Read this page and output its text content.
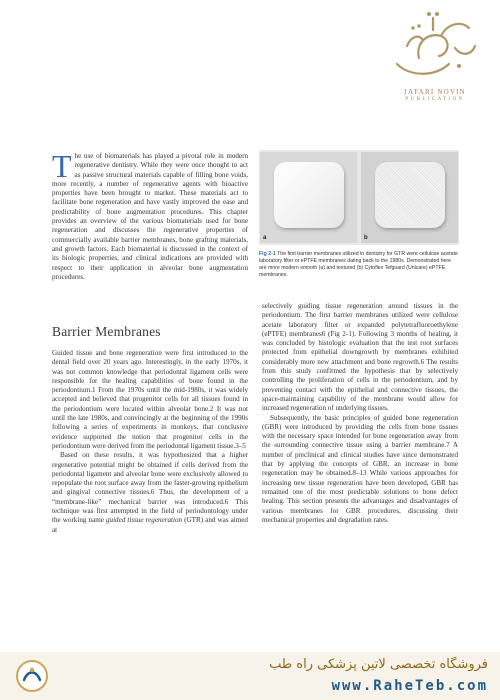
JAFARI NOVIN
PUBLICATION
T he use of biomaterials has played a pivotal role in modern regenerative dentistry. While they were once thought to act as passive structural materials capable of filling bone voids, more recently, a number of regenerative agents with bioactive properties have been brought to market. These materials act to facilitate bone regeneration and have vastly improved the ease and predictability of bone augmentation procedures. This chapter provides an overview of the various biomaterials used for bone regeneration and discusses the regenerative properties of commercially available barrier membranes, bone grafting materials, and growth factors. Each biomaterial is discussed in the context of its biologic properties, and clinical indications are provided with respect to their application in alveolar bone augmentation procedures.
a	b
Fig 2-1 The first barrier membranes utilized in dentistry for GTR were cellulose acetate laboratory filter or ePTFE membranes dating back to the 1980s. Demonstrated here are more modern smooth (a) and textured (b) Cytoflex Tefguard (Unicare) ePTFE membranes.
Barrier Membranes

Guided tissue and bone regeneration were first introduced to the dental field over 20 years ago. Interestingly, in the early 1970s, it was not common knowledge that periodontal ligament cells were responsible for the healing capabilities of bone found in the periodontium.1 From the 1970s until the mid-1980s, it was widely accepted and believed that progenitor cells for all tissues found in the periodontium were located within alveolar bone.2 It was not until the late 1980s, and convincingly at the beginning of the 1990s following a series of experiments in monkeys, that conclusive evidence supported the notion that progenitor cells in the periodontium were derived from the periodontal ligament tissue.3–5

Based on these results, it was hypothesized that a higher regenerative potential might be obtained if cells derived from the periodontal ligament and alveolar bone were exclusively allowed to repopulate the root surface away from the faster-growing epithelium and gingival connective tissues.6 Thus, the development of a “membrane-like” mechanical barrier was introduced.6 This technique was first attempted in the field of periodontology under the working name guided tissue regeneration (GTR) and was aimed at

selectively guiding tissue regeneration around tissues in the periodontium. The first barrier membranes utilized were cellulose acetate laboratory filter or expanded polytetrafluoroethylene (ePTFE) membranes6 (Fig 2-1). Following 3 months of healing, it was concluded by histologic evaluation that the test root surfaces protected from epithelial downgrowth by membranes exhibited considerably more new attachment and bone regrowth.6 The results from this study confirmed the hypothesis that by selectively controlling the proliferation of cells in the periodontium, and by preventing contact with the epithelial and connective tissues, the space-maintaining capability of the membrane would allow for increased regeneration of underlying tissues.

Subsequently, the basic principles of guided bone regeneration (GBR) were introduced by providing the cells from bone tissues with the necessary space intended for bone regeneration away from the surrounding connective tissue using a barrier membrane.7 A number of preclinical and clinical studies have since demonstrated that by applying the concepts of GBR, an increase in bone regeneration may be obtained.8–13 While various approaches for increasing new tissue regeneration have been developed, GBR has remained one of the most predictable solutions to bone defect healing. This section presents the advantages and disadvantages of various membranes for GBR procedures, discussing their mechanical properties and degradation rates.

فروشگاه تخصصی لاتین پزشکی راه طب
www.RaheTeb.com
